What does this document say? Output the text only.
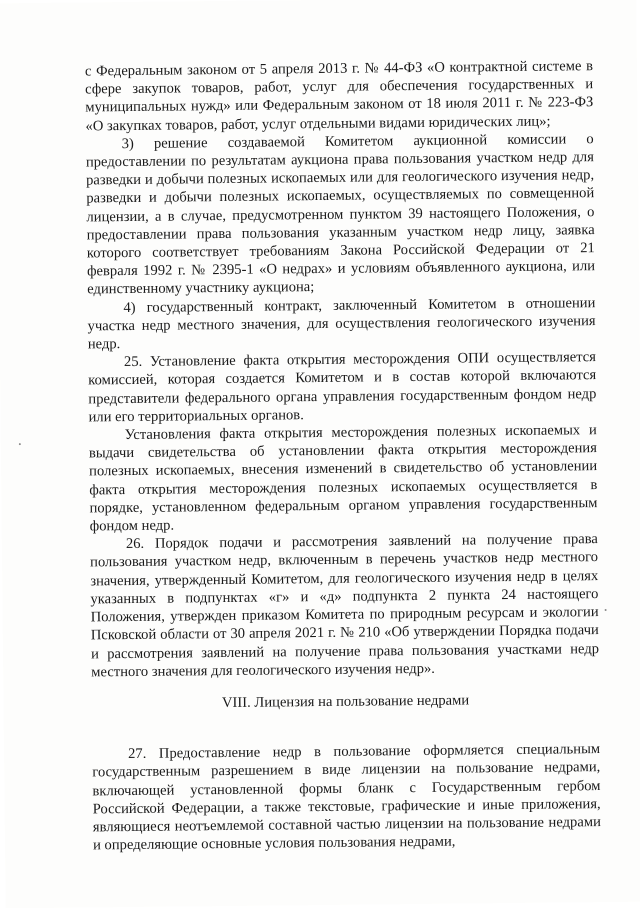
с Федеральным законом от 5 апреля 2013 г. № 44-ФЗ «О контрактной системе в сфере закупок товаров, работ, услуг для обеспечения государственных и муниципальных нужд» или Федеральным законом от 18 июля 2011 г. № 223-ФЗ «О закупках товаров, работ, услуг отдельными видами юридических лиц»;

3) решение создаваемой Комитетом аукционной комиссии о предоставлении по результатам аукциона права пользования участком недр для разведки и добычи полезных ископаемых или для геологического изучения недр, разведки и добычи полезных ископаемых, осуществляемых по совмещенной лицензии, а в случае, предусмотренном пунктом 39 настоящего Положения, о предоставлении права пользования указанным участком недр лицу, заявка которого соответствует требованиям Закона Российской Федерации от 21 февраля 1992 г. № 2395-1 «О недрах» и условиям объявленного аукциона, или единственному участнику аукциона;

4) государственный контракт, заключенный Комитетом в отношении участка недр местного значения, для осуществления геологического изучения недр.

25. Установление факта открытия месторождения ОПИ осуществляется комиссией, которая создается Комитетом и в состав которой включаются представители федерального органа управления государственным фондом недр или его территориальных органов.

Установления факта открытия месторождения полезных ископаемых и выдачи свидетельства об установлении факта открытия месторождения полезных ископаемых, внесения изменений в свидетельство об установлении факта открытия месторождения полезных ископаемых осуществляется в порядке, установленном федеральным органом управления государственным фондом недр.

26. Порядок подачи и рассмотрения заявлений на получение права пользования участком недр, включенным в перечень участков недр местного значения, утвержденный Комитетом, для геологического изучения недр в целях указанных в подпунктах «г» и «д» подпункта 2 пункта 24 настоящего Положения, утвержден приказом Комитета по природным ресурсам и экологии Псковской области от 30 апреля 2021 г. № 210 «Об утверждении Порядка подачи и рассмотрения заявлений на получение права пользования участками недр местного значения для геологического изучения недр».

VIII. Лицензия на пользование недрами

27. Предоставление недр в пользование оформляется специальным государственным разрешением в виде лицензии на пользование недрами, включающей установленной формы бланк с Государственным гербом Российской Федерации, а также текстовые, графические и иные приложения, являющиеся неотъемлемой составной частью лицензии на пользование недрами и определяющие основные условия пользования недрами,
